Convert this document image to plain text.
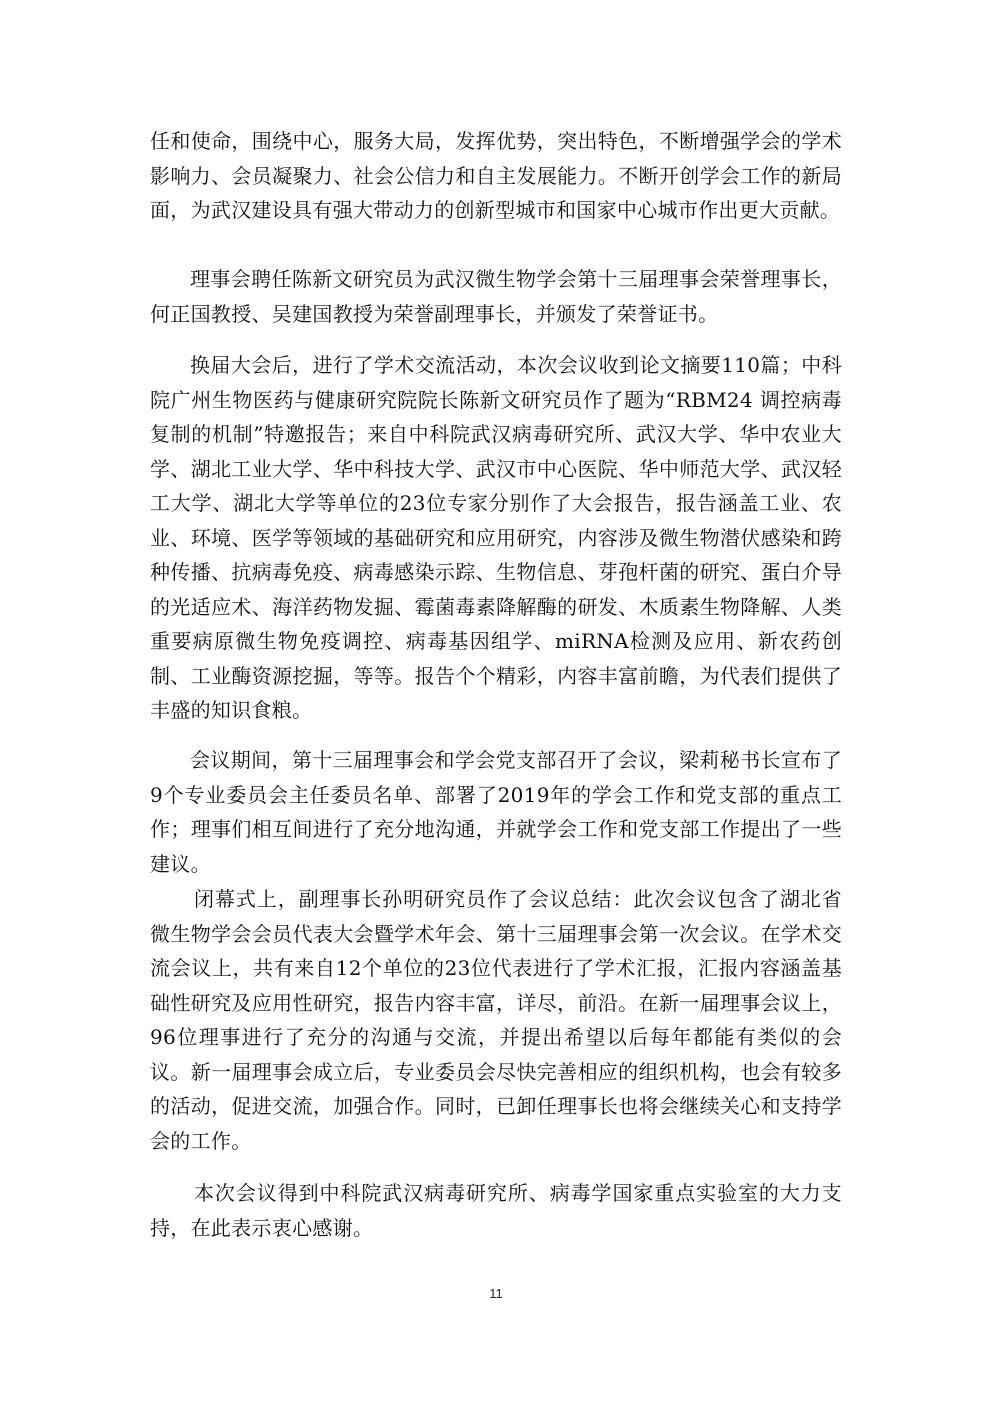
任和使命，围绕中心，服务大局，发挥优势，突出特色，不断增强学会的学术影响力、会员凝聚力、社会公信力和自主发展能力。不断开创学会工作的新局面，为武汉建设具有强大带动力的创新型城市和国家中心城市作出更大贡献。

理事会聘任陈新文研究员为武汉微生物学会第十三届理事会荣誉理事长，何正国教授、吴建国教授为荣誉副理事长，并颁发了荣誉证书。

换届大会后，进行了学术交流活动，本次会议收到论文摘要110篇；中科院广州生物医药与健康研究院院长陈新文研究员作了题为“RBM24 调控病毒复制的机制”特邀报告；来自中科院武汉病毒研究所、武汉大学、华中农业大学、湖北工业大学、华中科技大学、武汉市中心医院、华中师范大学、武汉轻工大学、湖北大学等单位的23位专家分别作了大会报告，报告涵盖工业、农业、环境、医学等领域的基础研究和应用研究，内容涉及微生物潜伏感染和跨种传播、抗病毒免疫、病毒感染示踪、生物信息、芽孢杆菌的研究、蛋白介导的光适应术、海洋药物发掘、霉菌毒素降解酶的研发、木质素生物降解、人类重要病原微生物免疫调控、病毒基因组学、miRNA检测及应用、新农药创制、工业酶资源挖掘，等等。报告个个精彩，内容丰富前瞻，为代表们提供了丰盛的知识食粮。

会议期间，第十三届理事会和学会党支部召开了会议，梁莉秘书长宣布了9个专业委员会主任委员名单、部署了2019年的学会工作和党支部的重点工作；理事们相互间进行了充分地沟通，并就学会工作和党支部工作提出了一些建议。

闭幕式上，副理事长孙明研究员作了会议总结：此次会议包含了湖北省微生物学会会员代表大会暨学术年会、第十三届理事会第一次会议。在学术交流会议上，共有来自12个单位的23位代表进行了学术汇报，汇报内容涵盖基础性研究及应用性研究，报告内容丰富，详尽，前沿。在新一届理事会议上，96位理事进行了充分的沟通与交流，并提出希望以后每年都能有类似的会议。新一届理事会成立后，专业委员会尽快完善相应的组织机构，也会有较多的活动，促进交流，加强合作。同时，已卸任理事长也将会继续关心和支持学会的工作。

本次会议得到中科院武汉病毒研究所、病毒学国家重点实验室的大力支持，在此表示衷心感谢。

11
